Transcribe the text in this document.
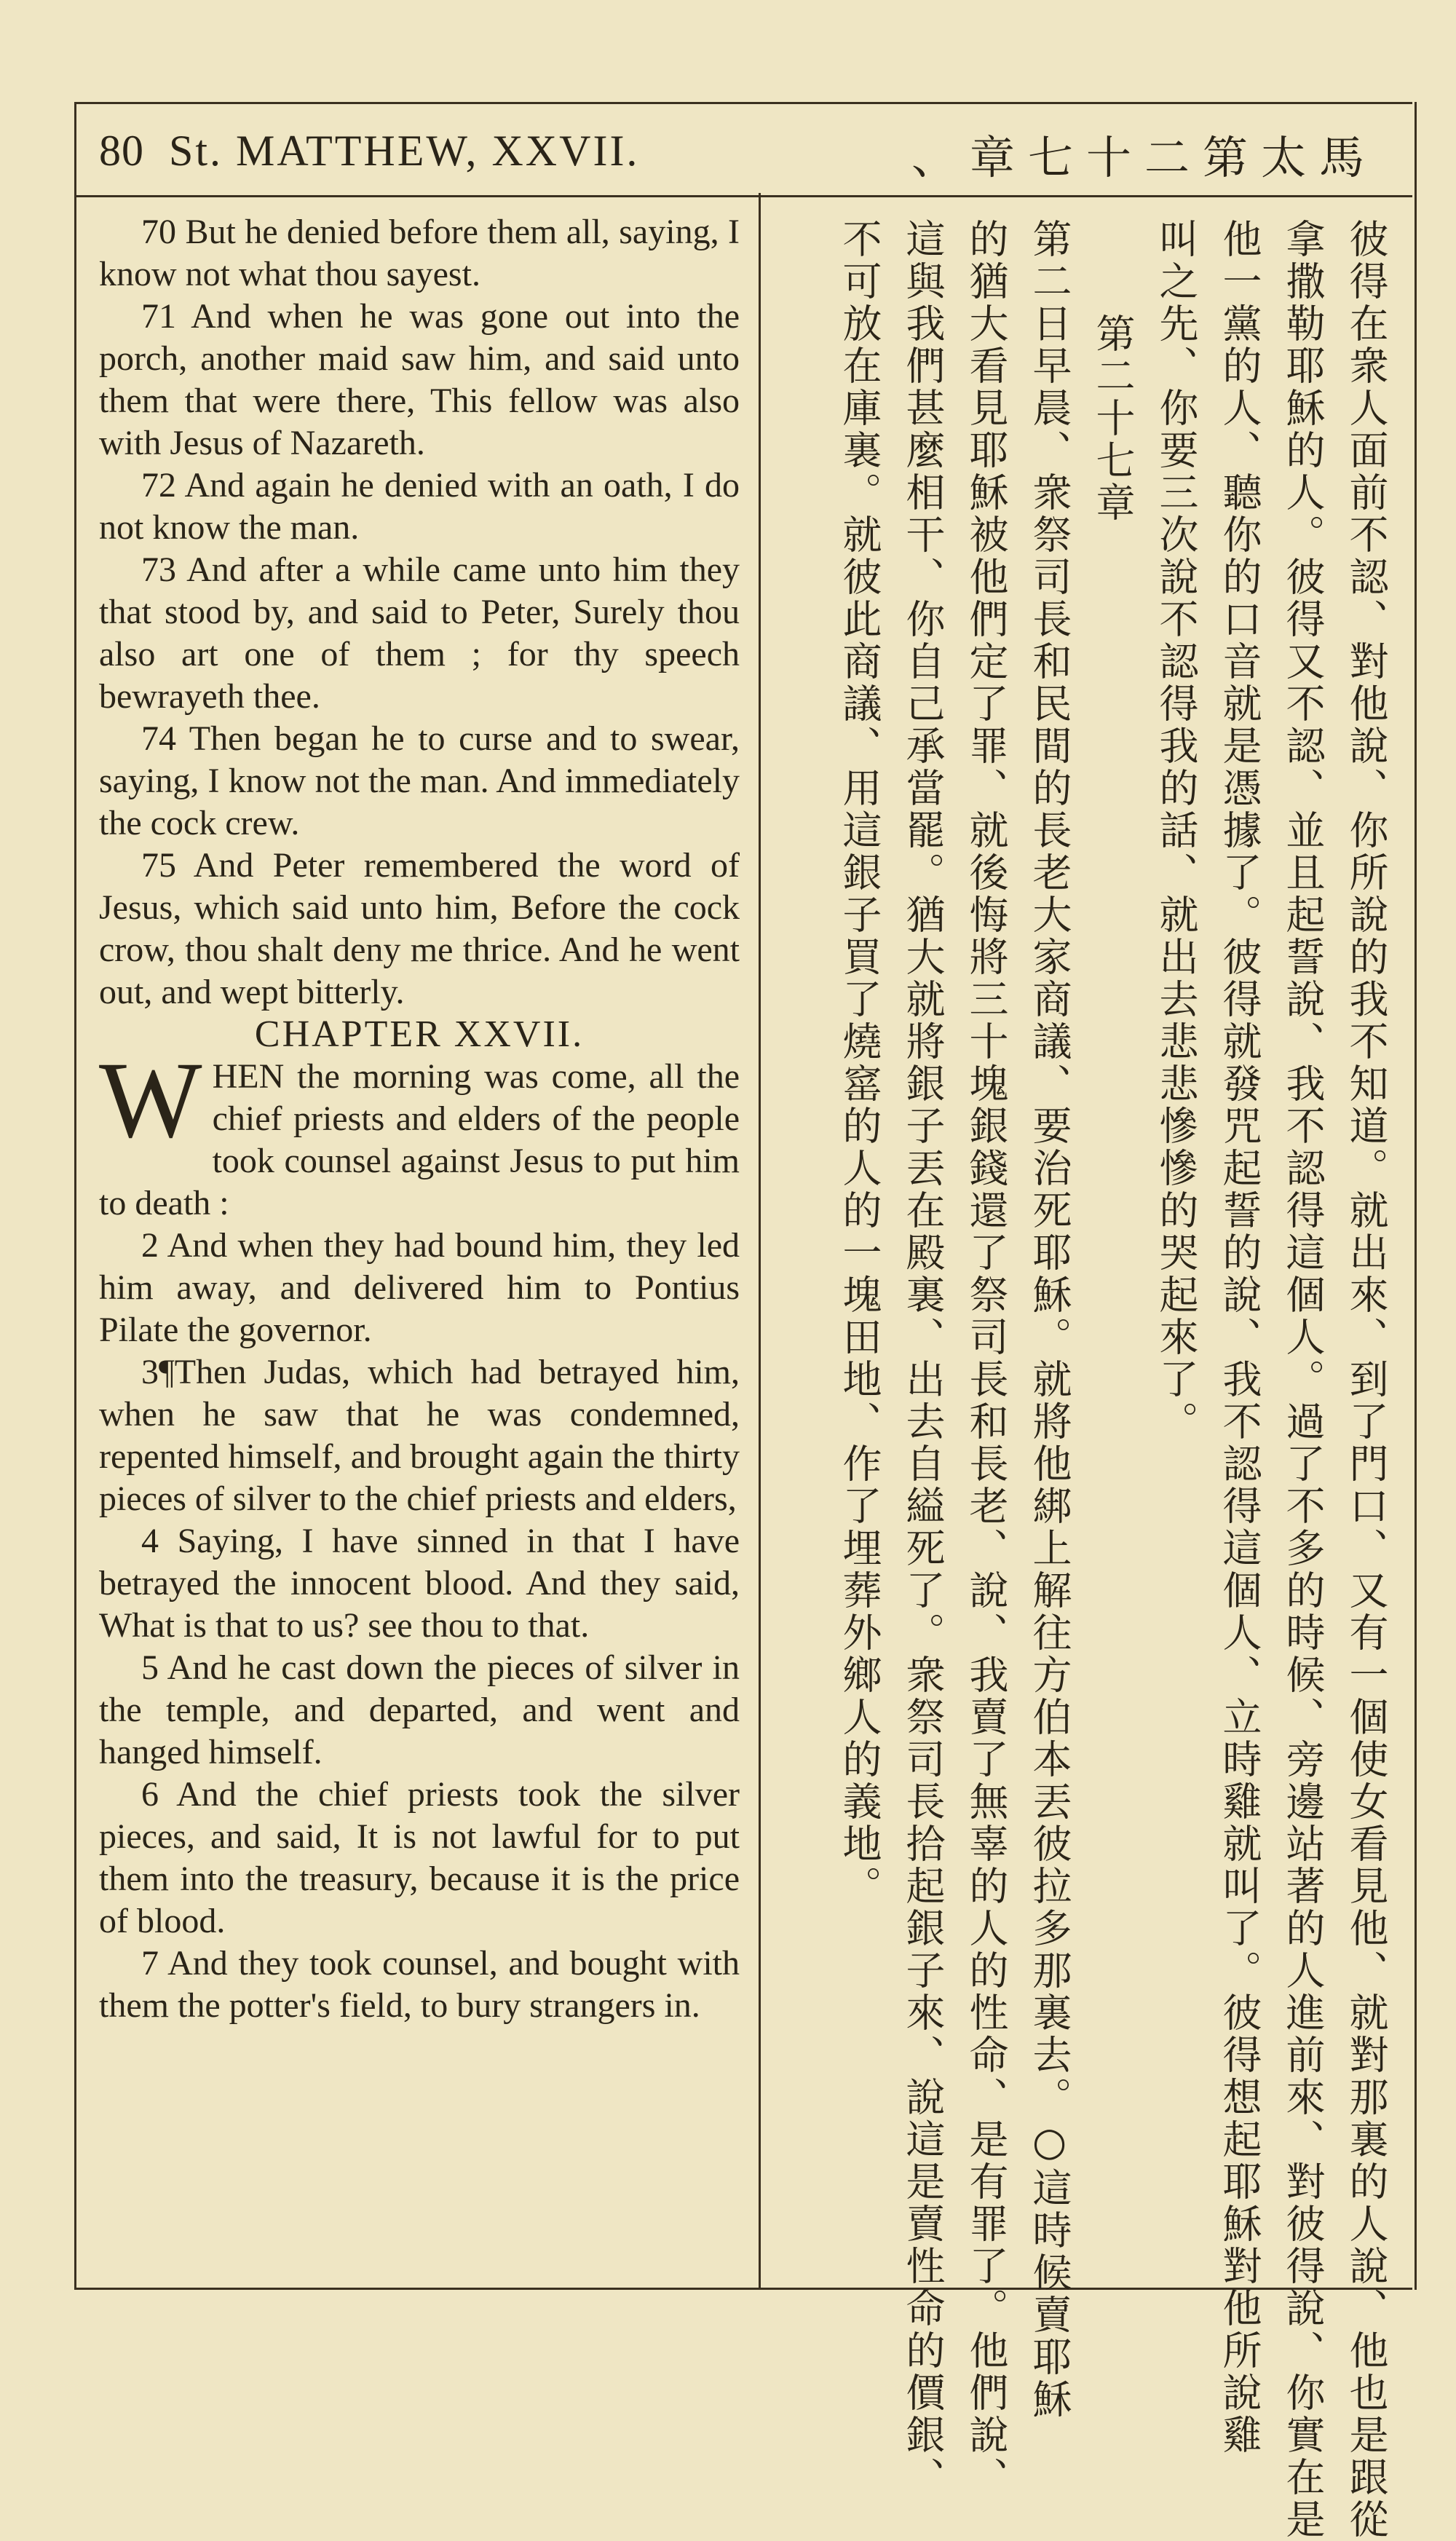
80 St. MATTHEW, XXVII.	、章七十二第太馬

70 But he denied before them all, saying, I know not what thou sayest.

71 And when he was gone out into the porch, another maid saw him, and said unto them that were there, This fellow was also with Jesus of Nazareth.

72 And again he denied with an oath, I do not know the man.

73 And after a while came unto him they that stood by, and said to Peter, Surely thou also art one of them ; for thy speech bewrayeth thee.

74 Then began he to curse and to swear, saying, I know not the man. And immediately the cock crew.

75 And Peter remembered the word of Jesus, which said unto him, Before the cock crow, thou shalt deny me thrice. And he went out, and wept bitterly.

CHAPTER XXVII.

WHEN the morning was come, all the chief priests and elders of the people took counsel against Jesus to put him to death :

2 And when they had bound him, they led him away, and delivered him to Pontius Pilate the governor.

3¶Then Judas, which had betrayed him, when he saw that he was condemned, repented himself, and brought again the thirty pieces of silver to the chief priests and elders,

4 Saying, I have sinned in that I have betrayed the innocent blood. And they said, What is that to us? see thou to that.

5 And he cast down the pieces of silver in the temple, and departed, and went and hanged himself.

6 And the chief priests took the silver pieces, and said, It is not lawful for to put them into the treasury, because it is the price of blood.

7 And they took counsel, and bought with them the potter's field, to bury strangers in.	彼得在衆人面前不認、對他說、你所說的我不知道。就出來、到了門口、又有一個使女看見他、就對那裏的人說、他也是跟從
拿撒勒耶穌的人。彼得又不認、並且起誓說、我不認得這個人。過了不多的時候、旁邊站著的人進前來、對彼得說、你實在是
他一黨的人、聽你的口音就是憑據了。彼得就發咒起誓的說、我不認得這個人、立時雞就叫了。彼得想起耶穌對他所說雞
叫之先、你要三次說不認得我的話、就出去悲悲慘慘的哭起來了。
第二十七章
第二日早晨、衆祭司長和民間的長老大家商議、要治死耶穌。就將他綁上解往方伯本丟彼拉多那裏去。○這時候賣耶穌
的猶大看見耶穌被他們定了罪、就後悔將三十塊銀錢還了祭司長和長老、說、我賣了無辜的人的性命、是有罪了。他們說、
這與我們甚麼相干、你自己承當罷。猶大就將銀子丟在殿裏、出去自縊死了。衆祭司長拾起銀子來、說這是賣性命的價銀、
不可放在庫裏。就彼此商議、用這銀子買了燒窰的人的一塊田地、作了埋葬外鄉人的義地。
